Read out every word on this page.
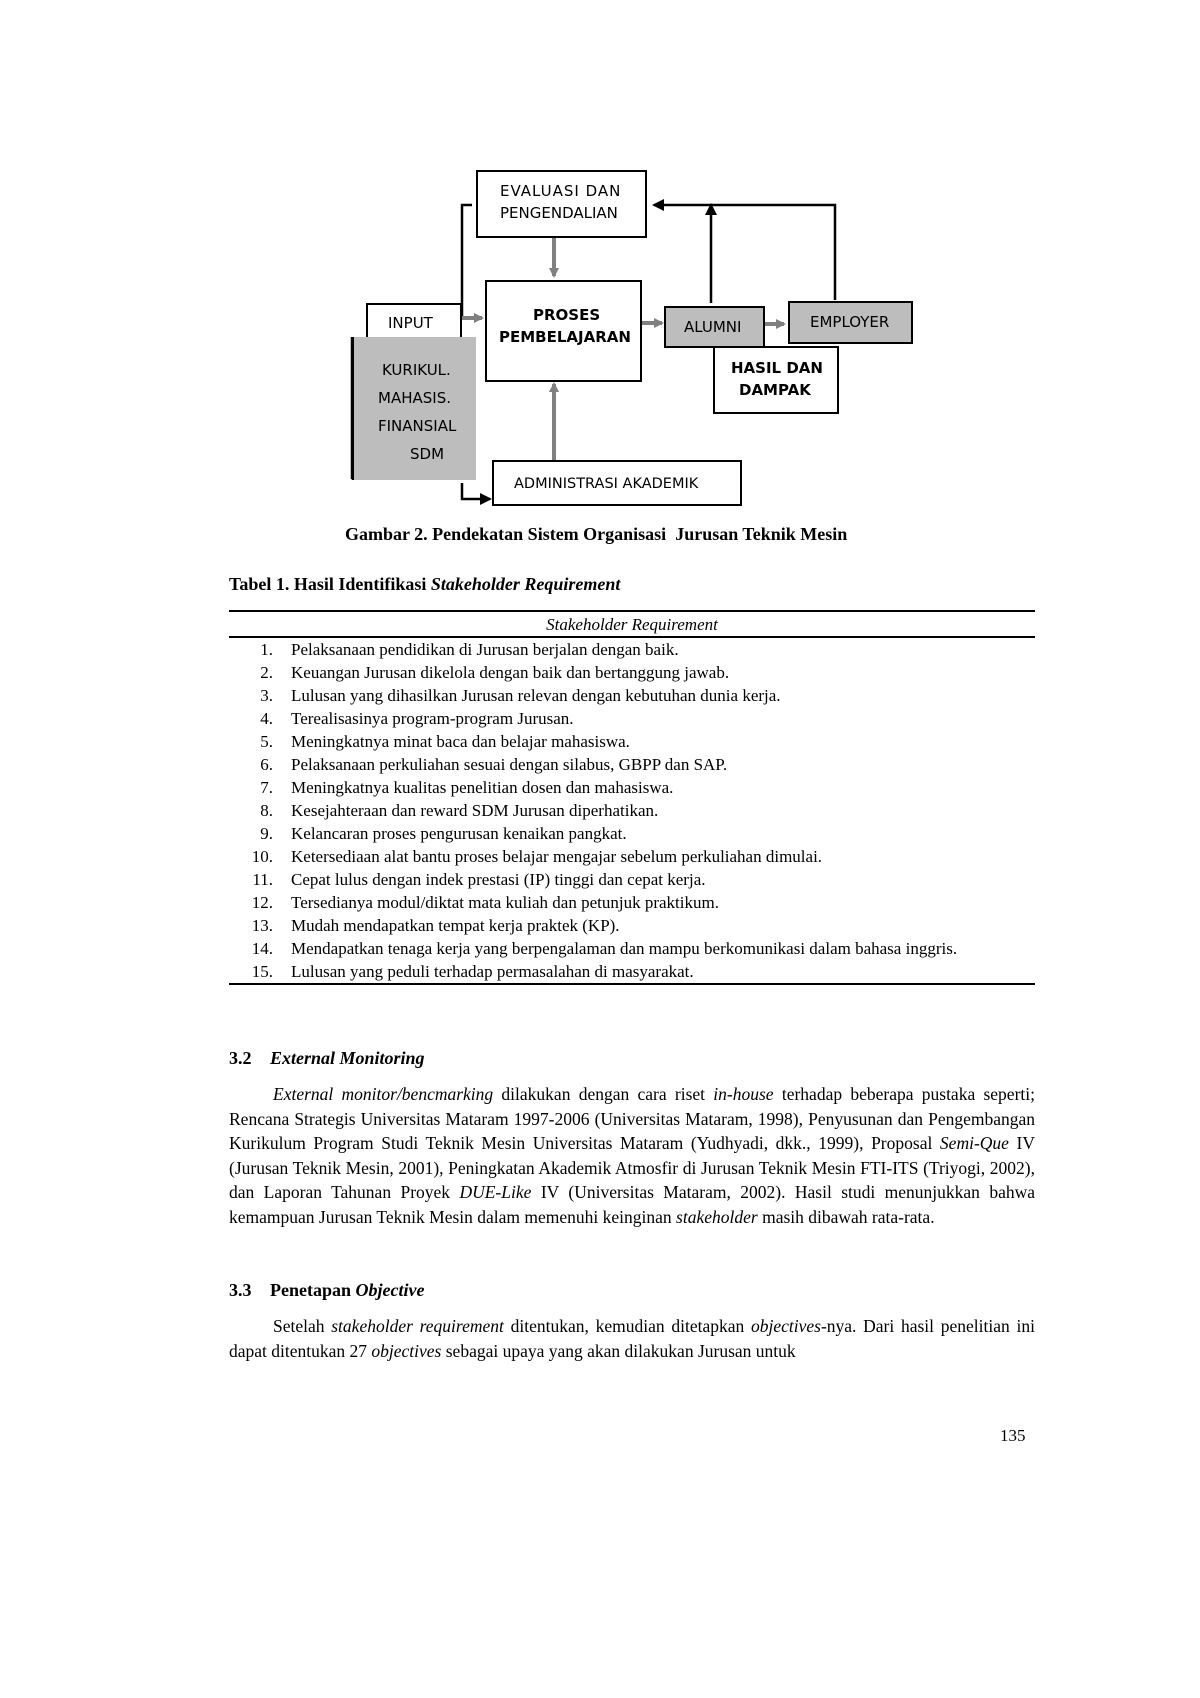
EVALUASI DAN
PENGENDALIAN
INPUT
KURIKUL.
MAHASIS.
FINANSIAL
SDM
PROSES
PEMBELAJARAN
ALUMNI	EMPLOYER
HASIL DAN
DAMPAK
ADMINISTRASI AKADEMIK
Gambar 2. Pendekatan Sistem Organisasi  Jurusan Teknik Mesin
Tabel 1. Hasil Identifikasi Stakeholder Requirement
Stakeholder Requirement	
1.	Pelaksanaan pendidikan di Jurusan berjalan dengan baik.
2.	Keuangan Jurusan dikelola dengan baik dan bertanggung jawab.
3.	Lulusan yang dihasilkan Jurusan relevan dengan kebutuhan dunia kerja.
4.	Terealisasinya program-program Jurusan.
5.	Meningkatnya minat baca dan belajar mahasiswa.
6.	Pelaksanaan perkuliahan sesuai dengan silabus, GBPP dan SAP.
7.	Meningkatnya kualitas penelitian dosen dan mahasiswa.
8.	Kesejahteraan dan reward SDM Jurusan diperhatikan.
9.	Kelancaran proses pengurusan kenaikan pangkat.
10.	Ketersediaan alat bantu proses belajar mengajar sebelum perkuliahan dimulai.
11.	Cepat lulus dengan indek prestasi (IP) tinggi dan cepat kerja.
12.	Tersedianya modul/diktat mata kuliah dan petunjuk praktikum.
13.	Mudah mendapatkan tempat kerja praktek (KP).
14.	Mendapatkan tenaga kerja yang berpengalaman dan mampu berkomunikasi dalam bahasa inggris.
15.	Lulusan yang peduli terhadap permasalahan di masyarakat.
3.2 External Monitoring
External monitor/bencmarking dilakukan dengan cara riset in-house terhadap beberapa pustaka seperti; Rencana Strategis Universitas Mataram 1997-2006 (Universitas Mataram, 1998), Penyusunan dan Pengembangan Kurikulum Program Studi Teknik Mesin Universitas Mataram (Yudhyadi, dkk., 1999), Proposal Semi-Que IV (Jurusan Teknik Mesin, 2001), Peningkatan Akademik Atmosfir di Jurusan Teknik Mesin FTI-ITS (Triyogi, 2002), dan Laporan Tahunan Proyek DUE-Like IV (Universitas Mataram, 2002). Hasil studi menunjukkan bahwa kemampuan Jurusan Teknik Mesin dalam memenuhi keinginan stakeholder masih dibawah rata-rata.
3.3 Penetapan Objective
Setelah stakeholder requirement ditentukan, kemudian ditetapkan objectives-nya. Dari hasil penelitian ini dapat ditentukan 27 objectives sebagai upaya yang akan dilakukan Jurusan untuk
135
